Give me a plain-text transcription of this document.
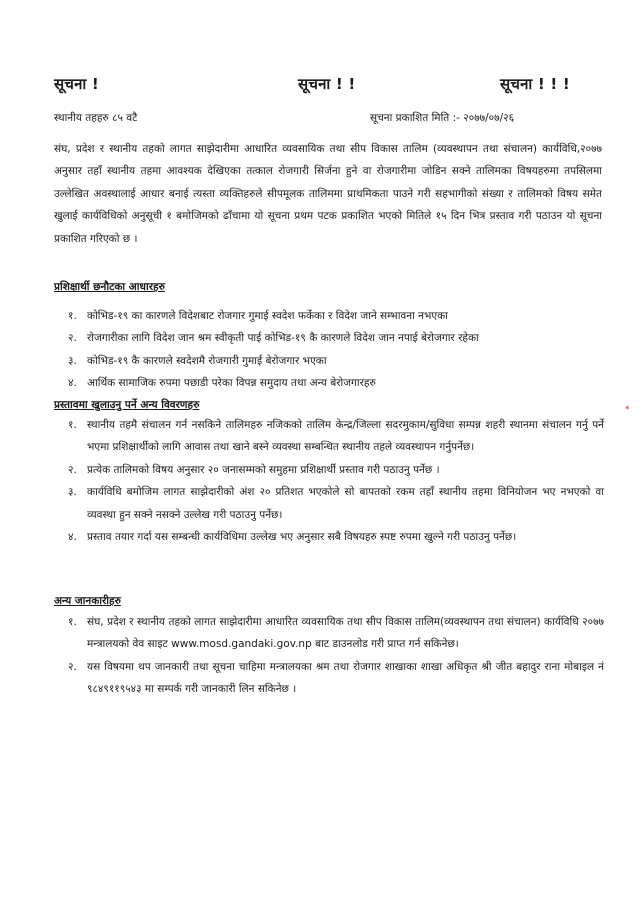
सूचना !	सूचना ! !	सूचना ! ! !
स्थानीय तहहरु ८५ वटै	सूचना प्रकाशित मिति :- २०७७/०७/२६
संघ, प्रदेश र स्थानीय तहको लागत साझेदारीमा आधारित व्यवसायिक तथा सीप विकास तालिम (व्यवस्थापन तथा संचालन) कार्यविधि,२०७७ अनुसार तहाँ स्थानीय तहमा आवश्यक देखिएका तत्काल रोजगारी सिर्जना हुने वा रोजगारीमा जोडिन सक्ने तालिमका विषयहरुमा तपसिलमा उल्लेखित अवस्थालाई आधार बनाई त्यस्ता व्यक्तिहरुले सीपमूलक तालिममा प्राथमिकता पाउने गरी सहभागीको संख्या र तालिमको विषय समेत खुलाई कार्यविधिको अनुसूची १ बमोजिमको ढाँचामा यो सूचना प्रथम पटक प्रकाशित भएको मितिले १५ दिन भित्र प्रस्ताव गरी पठाउन यो सूचना प्रकाशित गरिएको छ ।
प्रशिक्षार्थी छनौटका आधारहरु
१. कोभिड-१९ का कारणले विदेशबाट रोजगार गुमाई स्वदेश फर्केका र विदेश जाने सम्भावना नभएका
२. रोजगारीका लागि विदेश जान श्रम स्वीकृती पाई कोभिड-१९ कै कारणले विदेश जान नपाई बेरोजगार रहेका
३. कोभिड-१९ कै कारणले स्वदेशमै रोजगारी गुमाई बेरोजगार भएका
४. आर्थिक सामाजिक रुपमा पछाडी परेका विपन्न समुदाय तथा अन्य बेरोजगारहरु
प्रस्तावमा खुलाउनु पर्ने अन्य विवरणहरु
१. स्थानीय तहमै संचालन गर्न नसकिने तालिमहरु नजिकको तालिम केन्द्र/जिल्ला सदरमुकाम/सुविधा सम्पन्न शहरी स्थानमा संचालन गर्नु पर्ने भएमा प्रशिक्षार्थीको लागि आवास तथा खाने बस्ने व्यवस्था सम्बन्धित स्थानीय तहले व्यवस्थापन गर्नुपर्नेछ।
२. प्रत्येक तालिमको विषय अनुसार २० जनासम्मको समुहमा प्रशिक्षार्थी प्रस्ताव गरी पठाउनु पर्नेछ ।
३. कार्यविधि बमोजिम लागत साझेदारीको अंश २० प्रतिशत भएकोले सो बापतको रकम तहाँ स्थानीय तहमा विनियोजन भए नभएको वा व्यवस्था हुन सक्ने नसक्ने उल्लेख गरी पठाउनु पर्नेछ।
४. प्रस्ताव तयार गर्दा यस सम्बन्धी कार्यविधिमा उल्लेख भए अनुसार सबै विषयहरु स्पष्ट रुपमा खुल्ने गरी पठाउनु पर्नेछ।
अन्य जानकारीहरु
१. संघ, प्रदेश र स्थानीय तहको लागत साझेदारीमा आधारित व्यवसायिक तथा सीप विकास तालिम(व्यवस्थापन तथा संचालन) कार्यविधि २०७७ मन्त्रालयको वेव साइट www.mosd.gandaki.gov.np बाट डाउनलोड गरी प्राप्त गर्न सकिनेछ।
२. यस विषयमा थप जानकारी तथा सूचना चाहिमा मन्त्रालयका श्रम तथा रोजगार शाखाका शाखा अधिकृत श्री जीत बहादुर राना मोबाइल नं ९८४९११९५४३ मा सम्पर्क गरी जानकारी लिन सकिनेछ ।
*
